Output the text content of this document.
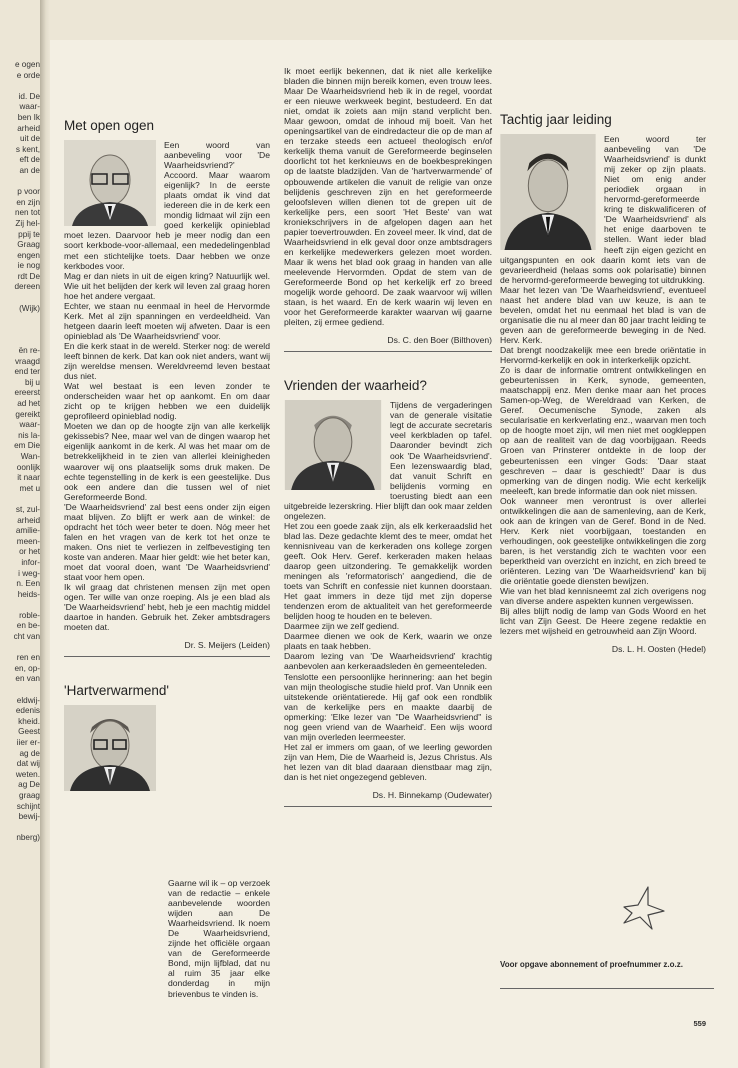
e ogen
e orde

id. De
waar-
ben Ik
arheid
uit de
s kent,
eft de
an de

p voor
en zijn
nen tot
Zij hel-
ppij te
Graag
engen
ie nog
rdt De
dereen

(Wijk)

ën re-
vraagd
end ter
bij u
ereerst
ad het
gereikt
waar-
nis la-
em Die
Wan-
oonlijk
it naar
met u

st, zul-
arheid
amilie-
meen-
or het
infor-
i weg-
n. Een
heids-

roble-
en be-
cht van

ren en
en, op-
en van

eldwij-
edenis
kheid.
Geest
iier er-
ag de
dat wij
weten.
ag De
graag
schijnt
bewij-

nberg)
Met open ogen

Een woord van aanbeveling voor 'De Waarheidsvriend?' Accoord. Maar waarom eigenlijk? In de eerste plaats omdat ik vind dat iedereen die in de kerk een mondig lidmaat wil zijn een goed kerkelijk opinieblad moet lezen. Daarvoor heb je meer nodig dan een soort kerkbode-voor-allemaal, een mededelingenblad met een stichtelijke toets. Daar hebben we onze kerkbodes voor.

Mag er dan niets in uit de eigen kring? Natuurlijk wel. Wie uit het belijden der kerk wil leven zal graag horen hoe het andere vergaat.

Echter, we staan nu eenmaal in heel de Hervormde Kerk. Met al zijn spanningen en verdeeldheid. Van hetgeen daarin leeft moeten wij afweten. Daar is een opinieblad als 'De Waarheidsvriend' voor.

En die kerk staat in de wereld. Sterker nog: de wereld leeft binnen de kerk. Dat kan ook niet anders, want wij zijn wereldse mensen. Wereldvreemd leven bestaat dus niet.

Wat wel bestaat is een leven zonder te onderscheiden waar het op aankomt. En om daar zicht op te krijgen hebben we een duidelijk geprofileerd opinieblad nodig.

Moeten we dan op de hoogte zijn van alle kerkelijk gekissebis? Nee, maar wel van de dingen waarop het eigenlijk aankomt in de kerk. Al was het maar om de betrekkelijkheid in te zien van allerlei kleinigheden waarover wij ons plaatselijk soms druk maken. De echte tegenstelling in de kerk is een geestelijke. Dus ook een andere dan die tussen wel of niet Gereformeerde Bond.

'De Waarheidsvriend' zal best eens onder zijn eigen maat blijven. Zo blijft er werk aan de winkel: de opdracht het tóch weer beter te doen. Nóg meer het falen en het vragen van de kerk tot het onze te maken. Ons niet te verliezen in zelfbevestiging ten koste van anderen. Maar hier geldt: wie het beter kan, moet dat vooral doen, want 'De Waarheidsvriend' staat voor hem open.

Ik wil graag dat christenen mensen zijn met open ogen. Ter wille van onze roeping. Als je een blad als 'De Waarheidsvriend' hebt, heb je een machtig middel daartoe in handen. Gebruik het. Zeker ambtsdragers moeten dat.

Dr. S. Meijers (Leiden)
'Hartverwarmend'
Gaarne wil ik – op verzoek van de redactie – enkele aanbevelende woorden wijden aan De Waarheidsvriend. Ik noem De Waarheidsvriend, zijnde het officiële orgaan van de Gereformeerde Bond, mijn lijfblad, dat nu al ruim 35 jaar elke donderdag in mijn brievenbus te vinden is.

Ik moet eerlijk bekennen, dat ik niet alle kerkelijke bladen die binnen mijn bereik komen, even trouw lees. Maar De Waarheidsvriend heb ik in de regel, voordat er een nieuwe werkweek begint, bestudeerd. En dat niet, omdat ik zoiets aan mijn stand verplicht ben. Maar gewoon, omdat de inhoud mij boeit. Van het openingsartikel van de eindredacteur die op de man af en terzake steeds een actueel theologisch en/of kerkelijk thema vanuit de Gereformeerde beginselen doorlicht tot het kerknieuws en de boekbesprekingen op de laatste bladzijden. Van de 'hartverwarmende' of opbouwende artikelen die vanuit de religie van onze belijdenis geschreven zijn en het gereformeerde geloofsleven willen dienen tot de grepen uit de kerkelijke pers, een soort 'Het Beste' van wat kroniekschrijvers in de afgelopen dagen aan het papier toevertrouwden. En zoveel meer. Ik vind, dat de Waarheidsvriend in elk geval door onze ambtsdragers en kerkelijke medewerkers gelezen moet worden. Maar ik wens het blad ook graag in handen van alle meelevende Hervormden. Opdat de stem van de Gereformeerde Bond op het kerkelijk erf zo breed mogelijk worde gehoord. De zaak waarvoor wij willen staan, is het waard. En de kerk waarin wij leven en voor het Gereformeerde karakter waarvan wij gaarne pleiten, zij ermee gediend.

Ds. C. den Boer (Bilthoven)
Vrienden der waarheid?

Tijdens de vergaderingen van de generale visitatie legt de accurate secretaris veel kerkbladen op tafel. Daaronder bevindt zich ook 'De Waarheidsvriend'. Een lezenswaardig blad, dat vanuit Schrift en belijdenis vorming en toerusting biedt aan een uitgebreide lezerskring. Hier blijft dan ook maar zelden ongelezen.

Het zou een goede zaak zijn, als elk kerkeraadslid het blad las. Deze gedachte klemt des te meer, omdat het kennisniveau van de kerkeraden ons kollege zorgen geeft. Ook Herv. Geref. kerkeraden maken helaas daarop geen uitzondering. Te gemakkelijk worden meningen als 'reformatorisch' aangediend, die de toets van Schrift en confessie niet kunnen doorstaan. Het gaat immers in deze tijd met zijn doperse tendenzen erom de aktualiteit van het gereformeerde belijden hoog te houden en te beleven.

Daarmee zijn we zelf gediend.

Daarmee dienen we ook de Kerk, waarin we onze plaats en taak hebben.

Daarom lezing van 'De Waarheidsvriend' krachtig aanbevolen aan kerkeraadsleden èn gemeenteleden.

Tenslotte een persoonlijke herinnering: aan het begin van mijn theologische studie hield prof. Van Unnik een uitstekende oriëntatierede. Hij gaf ook een rondblik van de kerkelijke pers en maakte daarbij de opmerking: 'Elke lezer van "De Waarheidsvriend" is nog geen vriend van de Waarheid'. Een wijs woord van mijn overleden leermeester.

Het zal er immers om gaan, of we leerling geworden zijn van Hem, Die de Waarheid is, Jezus Christus. Als het lezen van dit blad daaraan dienstbaar mag zijn, dan is het niet ongezegend gebleven.

Ds. H. Binnekamp (Oudewater)
Tachtig jaar leiding

Een woord ter aanbeveling van 'De Waarheidsvriend' is dunkt mij zeker op zijn plaats. Niet om enig ander periodiek orgaan in hervormd-gereformeerde kring te diskwalificeren of 'De Waarheidsvriend' als het enige daarboven te stellen. Want ieder blad heeft zijn eigen gezicht en uitgangspunten en ook daarin komt iets van de gevarieerdheid (helaas soms ook polarisatie) binnen de hervormd-gereformeerde beweging tot uitdrukking.

Maar het lezen van 'De Waarheidsvriend', eventueel naast het andere blad van uw keuze, is aan te bevelen, omdat het nu eenmaal het blad is van de organisatie die nu al meer dan 80 jaar tracht leiding te geven aan de gereformeerde beweging in de Ned. Herv. Kerk.

Dat brengt noodzakelijk mee een brede oriëntatie in Hervormd-kerkelijk en ook in interkerkelijk opzicht.

Zo is daar de informatie omtrent ontwikkelingen en gebeurtenissen in Kerk, synode, gemeenten, maatschappij enz. Men denke maar aan het proces Samen-op-Weg, de Wereldraad van Kerken, de Geref. Oecumenische Synode, zaken als secularisatie en kerkverlating enz., waarvan men toch op de hoogte moet zijn, wil men niet met oogkleppen op aan de realiteit van de dag voorbijgaan. Reeds Groen van Prinsterer ontdekte in de loop der gebeurtenissen een vinger Gods: 'Daar staat geschreven – daar is geschiedt!' Daar is dus opmerking van de dingen nodig. Wie echt kerkelijk meeleeft, kan brede informatie dan ook niet missen.

Ook wanneer men verontrust is over allerlei ontwikkelingen die aan de samenleving, aan de Kerk, ook aan de kringen van de Geref. Bond in de Ned. Herv. Kerk niet voorbijgaan, toestanden en verhoudingen, ook geestelijke ontwikkelingen die zorg baren, is het verstandig zich te wachten voor een beperktheid van overzicht en inzicht, en zich breed te oriënteren. Lezing van 'De Waarheidsvriend' kan bij die oriëntatie goede diensten bewijzen.

Wie van het blad kennisneemt zal zich overigens nog van diverse andere aspekten kunnen vergewissen.

Bij alles blijft nodig de lamp van Gods Woord en het licht van Zijn Geest. De Heere zegene redaktie en lezers met wijsheid en getrouwheid aan Zijn Woord.

Ds. L. H. Oosten (Hedel)
Voor opgave abonnement of proefnummer z.o.z.
559
